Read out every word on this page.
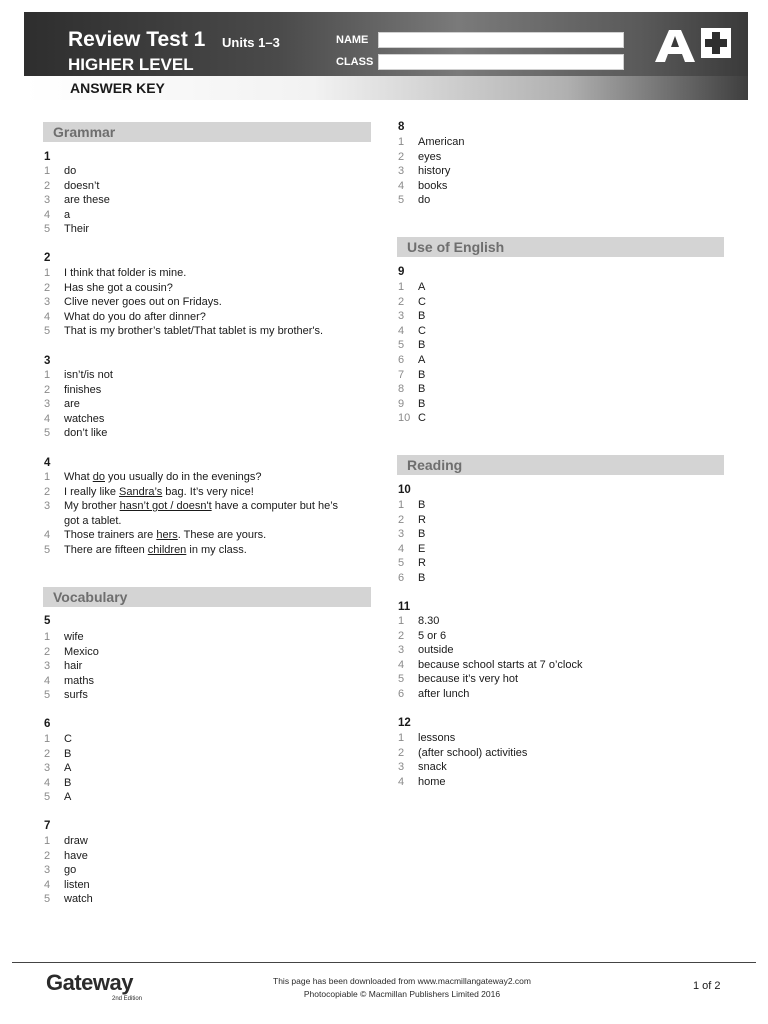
Review Test 1 Units 1–3
HIGHER LEVEL
ANSWER KEY
NAME
CLASS
Grammar
1
1 do
2 doesn’t
3 are these
4 a
5 Their
2
1 I think that folder is mine.
2 Has she got a cousin?
3 Clive never goes out on Fridays.
4 What do you do after dinner?
5 That is my brother’s tablet/That tablet is my brother's.
3
1 isn’t/is not
2 finishes
3 are
4 watches
5 don’t like
4
1 What do you usually do in the evenings?
2 I really like Sandra’s bag. It’s very nice!
3 My brother hasn’t got / doesn't have a computer but he’s
got a tablet.
4 Those trainers are hers. These are yours.
5 There are fifteen children in my class.
Vocabulary
5
1 wife
2 Mexico
3 hair
4 maths
5 surfs
6
1 C
2 B
3 A
4 B
5 A
7
1 draw
2 have
3 go
4 listen
5 watch
8
1 American
2 eyes
3 history
4 books
5 do
Use of English
9
1 A
2 C
3 B
4 C
5 B
6 A
7 B
8 B
9 B
10 C
Reading
10
1 B
2 R
3 B
4 E
5 R
6 B
11
1 8.30
2 5 or 6
3 outside
4 because school starts at 7 o’clock
5 because it’s very hot
6 after lunch
12
1 lessons
2 (after school) activities
3 snack
4 home
Gateway
2nd Edition
This page has been downloaded from www.macmillangateway2.com
Photocopiable © Macmillan Publishers Limited 2016
1 of 2
